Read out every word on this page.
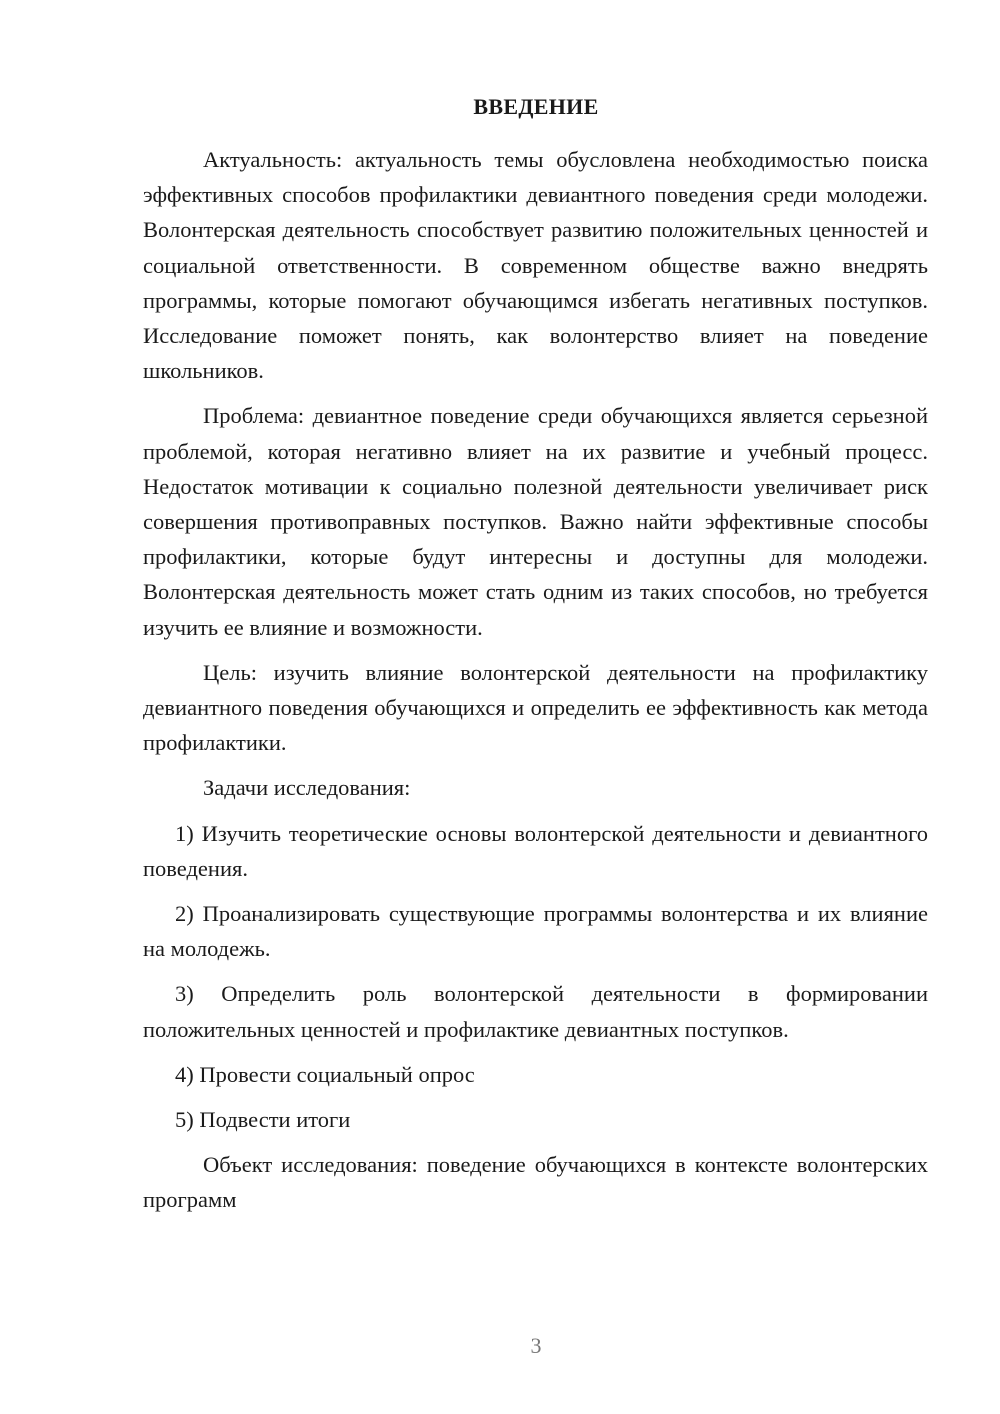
ВВЕДЕНИЕ

Актуальность: актуальность темы обусловлена необходимостью поиска эффективных способов профилактики девиантного поведения среди молодежи. Волонтерская деятельность способствует развитию положительных ценностей и социальной ответственности. В современном обществе важно внедрять программы, которые помогают обучающимся избегать негативных поступков. Исследование поможет понять, как волонтерство влияет на поведение школьников.

Проблема: девиантное поведение среди обучающихся является серьезной проблемой, которая негативно влияет на их развитие и учебный процесс. Недостаток мотивации к социально полезной деятельности увеличивает риск совершения противоправных поступков. Важно найти эффективные способы профилактики, которые будут интересны и доступны для молодежи. Волонтерская деятельность может стать одним из таких способов, но требуется изучить ее влияние и возможности.

Цель: изучить влияние волонтерской деятельности на профилактику девиантного поведения обучающихся и определить ее эффективность как метода профилактики.

Задачи исследования:

1) Изучить теоретические основы волонтерской деятельности и девиантного поведения.

2) Проанализировать существующие программы волонтерства и их влияние на молодежь.

3) Определить роль волонтерской деятельности в формировании положительных ценностей и профилактике девиантных поступков.

4) Провести социальный опрос

5) Подвести итоги

Объект исследования: поведение обучающихся в контексте волонтерских программ

3
